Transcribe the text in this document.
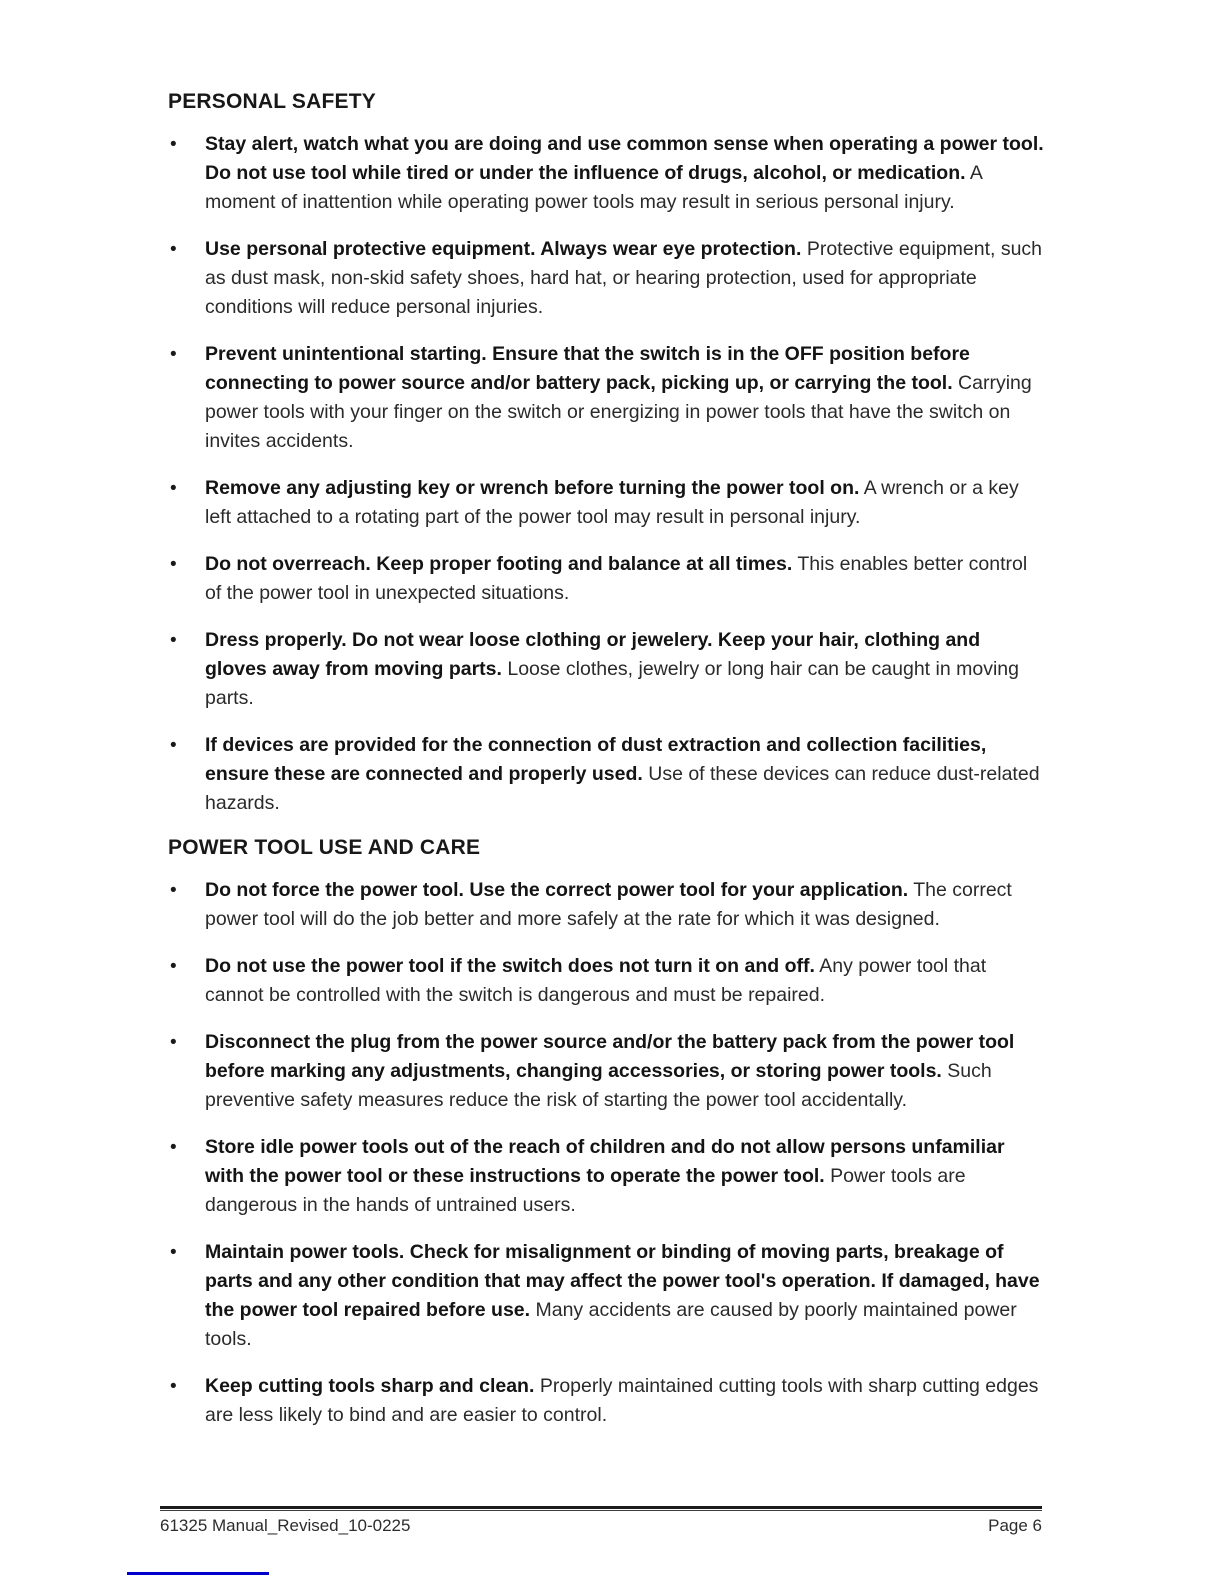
PERSONAL SAFETY
•	Stay alert, watch what you are doing and use common sense when operating a power tool. Do not use tool while tired or under the influence of drugs, alcohol, or medication. A moment of inattention while operating power tools may result in serious personal injury.

•	Use personal protective equipment. Always wear eye protection. Protective equipment, such as dust mask, non-skid safety shoes, hard hat, or hearing protection, used for appropriate conditions will reduce personal injuries.

•	Prevent unintentional starting. Ensure that the switch is in the OFF position before connecting to power source and/or battery pack, picking up, or carrying the tool. Carrying power tools with your finger on the switch or energizing in power tools that have the switch on invites accidents.

•	Remove any adjusting key or wrench before turning the power tool on. A wrench or a key left attached to a rotating part of the power tool may result in personal injury.

•	Do not overreach. Keep proper footing and balance at all times. This enables better control of the power tool in unexpected situations.

•	Dress properly. Do not wear loose clothing or jewelery. Keep your hair, clothing and gloves away from moving parts. Loose clothes, jewelry or long hair can be caught in moving parts.

•	If devices are provided for the connection of dust extraction and collection facilities, ensure these are connected and properly used. Use of these devices can reduce dust-related hazards.

POWER TOOL USE AND CARE
•	Do not force the power tool. Use the correct power tool for your application. The correct power tool will do the job better and more safely at the rate for which it was designed.

•	Do not use the power tool if the switch does not turn it on and off. Any power tool that cannot be controlled with the switch is dangerous and must be repaired.

•	Disconnect the plug from the power source and/or the battery pack from the power tool before marking any adjustments, changing accessories, or storing power tools. Such preventive safety measures reduce the risk of starting the power tool accidentally.

•	Store idle power tools out of the reach of children and do not allow persons unfamiliar with the power tool or these instructions to operate the power tool. Power tools are dangerous in the hands of untrained users.

•	Maintain power tools. Check for misalignment or binding of moving parts, breakage of parts and any other condition that may affect the power tool's operation. If damaged, have the power tool repaired before use. Many accidents are caused by poorly maintained power tools.

•	Keep cutting tools sharp and clean. Properly maintained cutting tools with sharp cutting edges are less likely to bind and are easier to control.

61325 Manual_Revised_10-0225	Page 6
